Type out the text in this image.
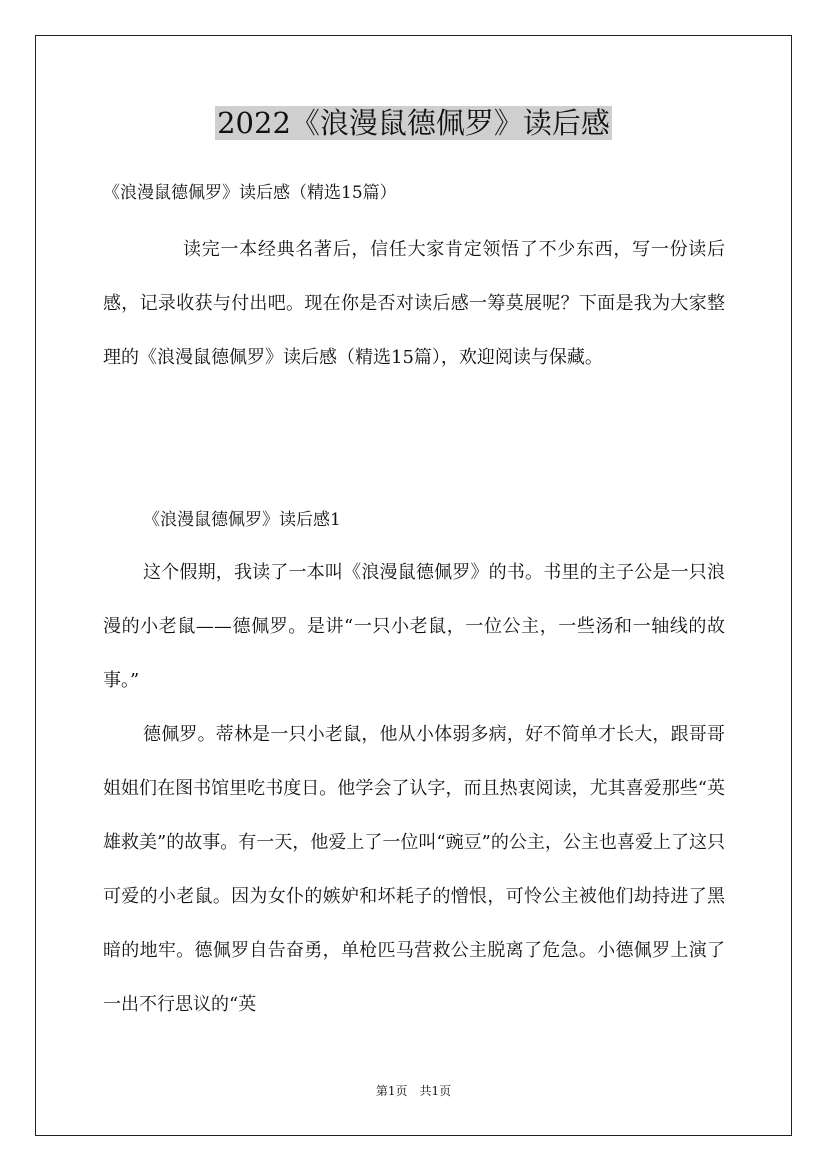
2022《浪漫鼠德佩罗》读后感

《浪漫鼠德佩罗》读后感（精选15篇）

读完一本经典名著后，信任大家肯定领悟了不少东西，写一份读后感，记录收获与付出吧。现在你是否对读后感一筹莫展呢？下面是我为大家整理的《浪漫鼠德佩罗》读后感（精选15篇），欢迎阅读与保藏。

《浪漫鼠德佩罗》读后感1

这个假期，我读了一本叫《浪漫鼠德佩罗》的书。书里的主子公是一只浪漫的小老鼠——德佩罗。是讲“一只小老鼠，一位公主，一些汤和一轴线的故事。”

德佩罗。蒂林是一只小老鼠，他从小体弱多病，好不简单才长大，跟哥哥姐姐们在图书馆里吃书度日。他学会了认字，而且热衷阅读，尤其喜爱那些“英雄救美”的故事。有一天，他爱上了一位叫“豌豆”的公主，公主也喜爱上了这只可爱的小老鼠。因为女仆的嫉妒和坏耗子的憎恨，可怜公主被他们劫持进了黑暗的地牢。德佩罗自告奋勇，单枪匹马营救公主脱离了危急。小德佩罗上演了一出不行思议的“英

第1页　共1页
